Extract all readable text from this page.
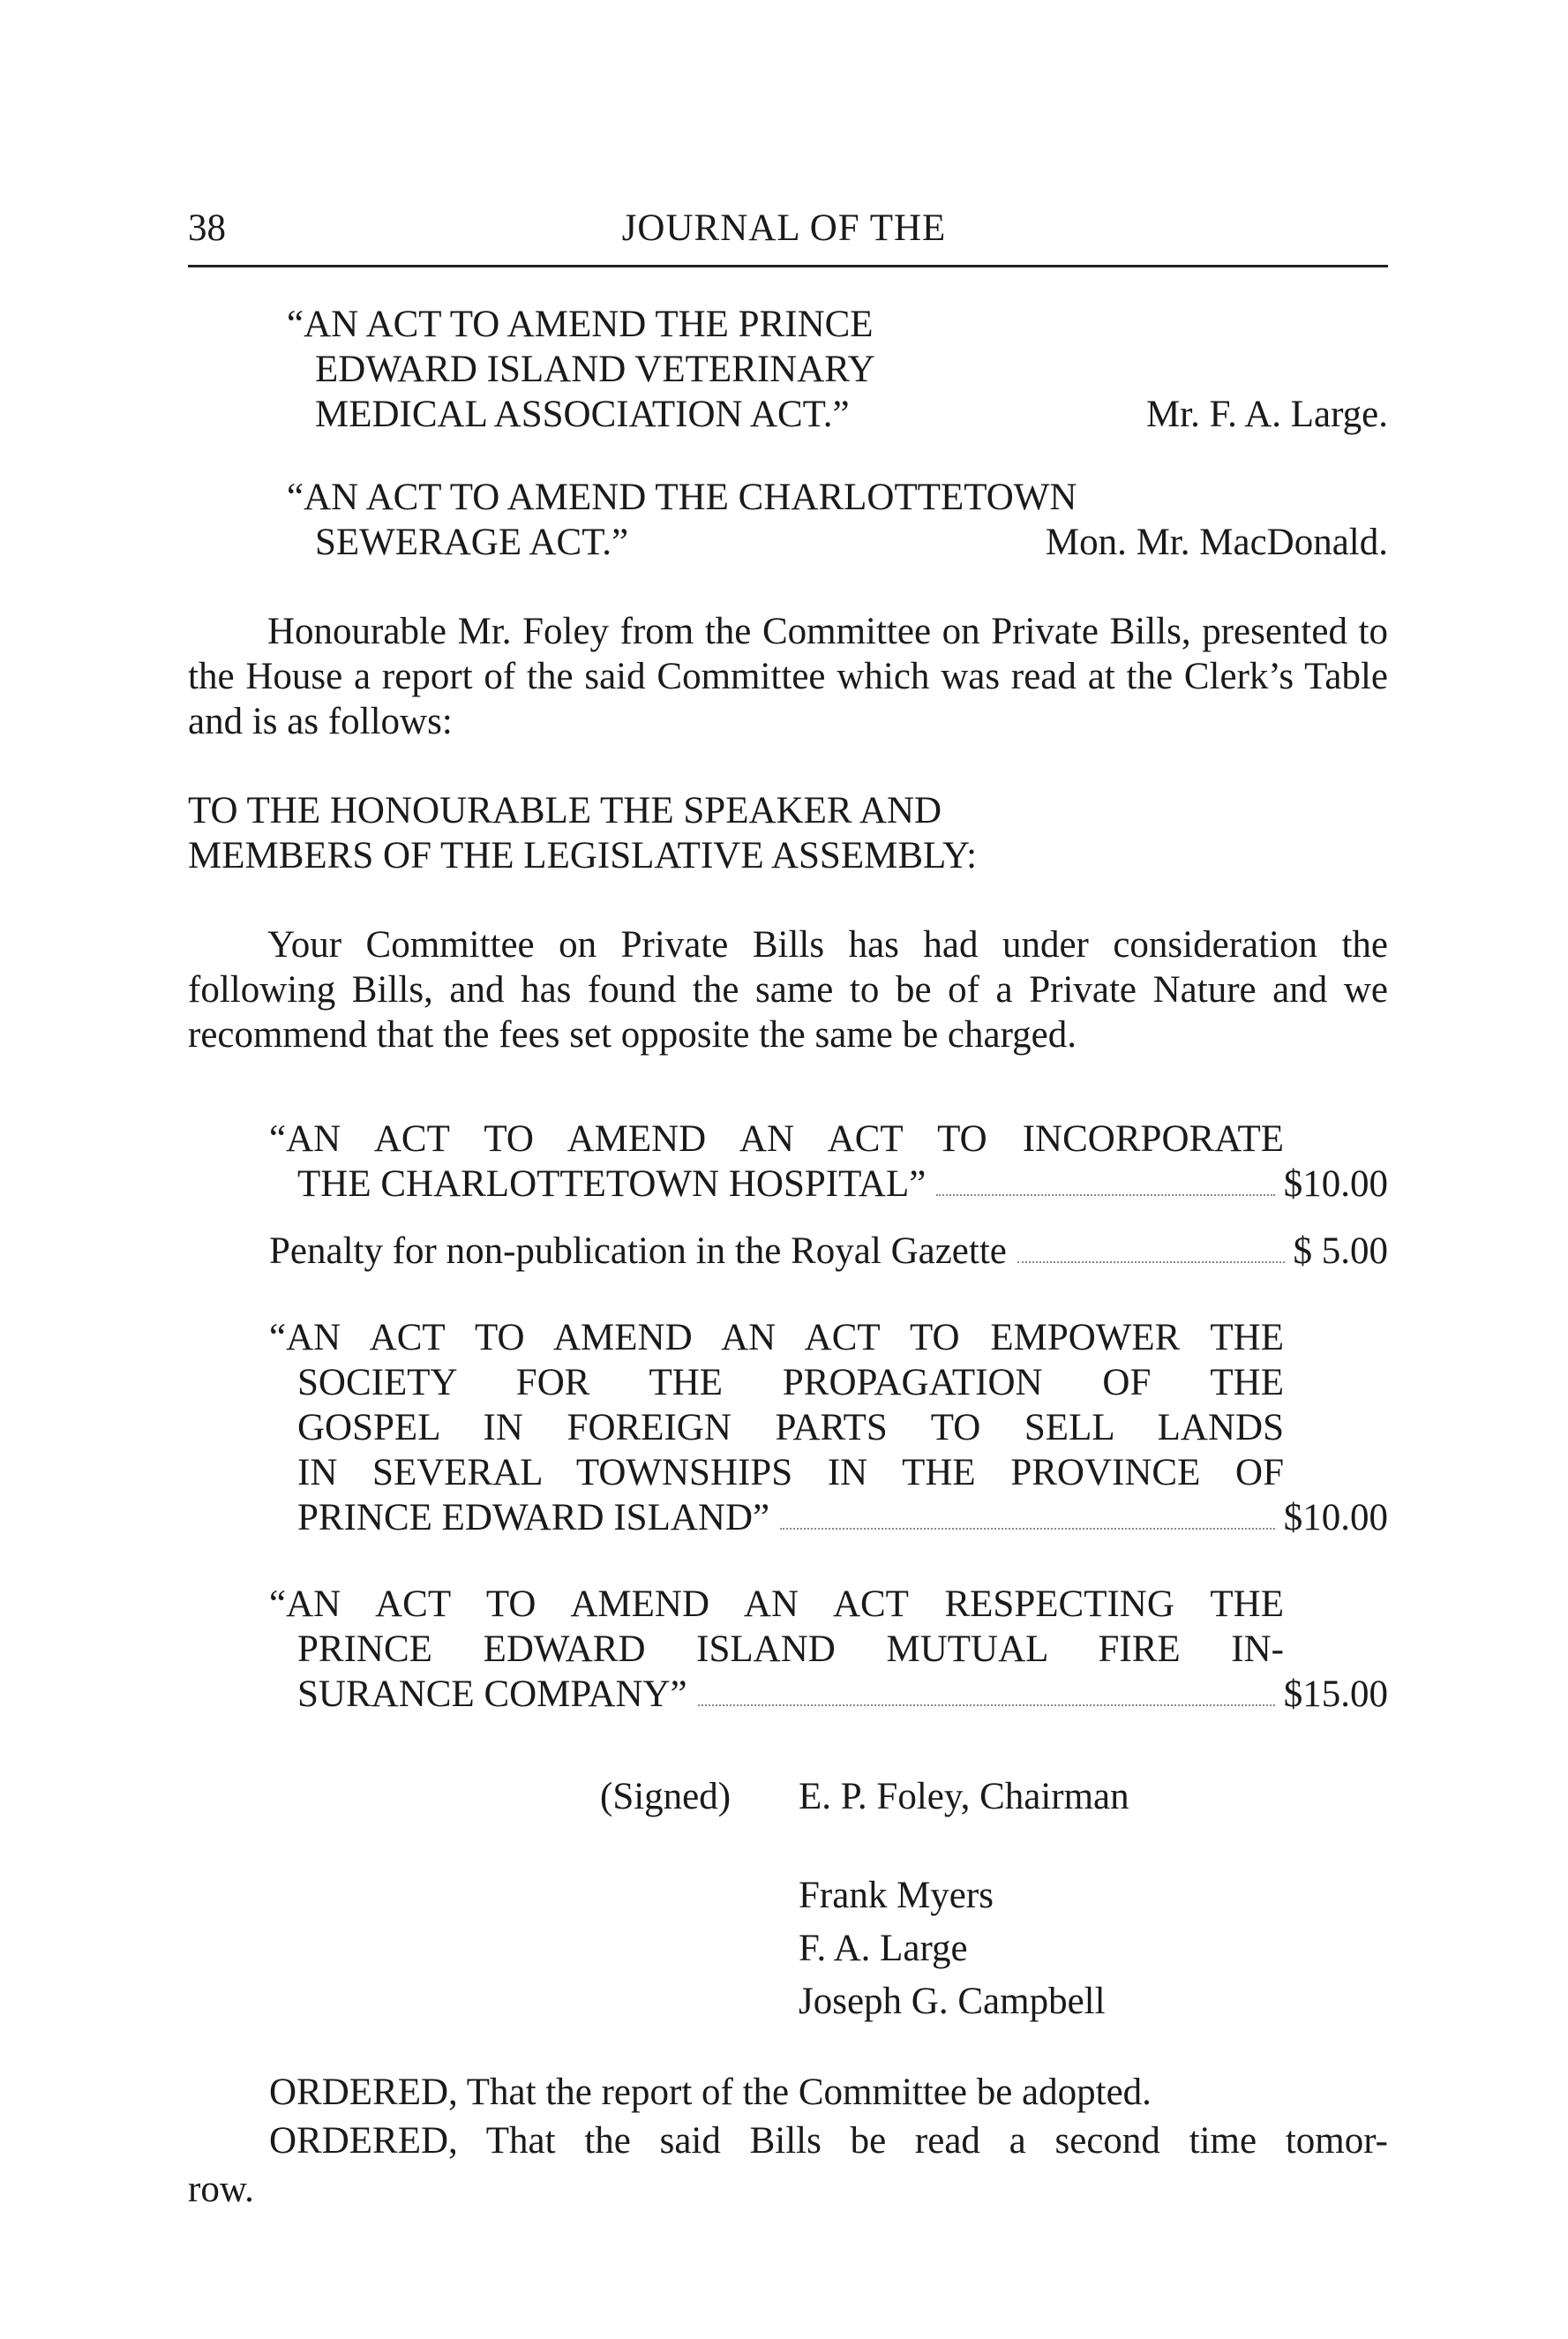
38	JOURNAL OF THE
“AN ACT TO AMEND THE PRINCE
EDWARD ISLAND VETERINARY
MEDICAL ASSOCIATION ACT.”	Mr. F. A. Large.
“AN ACT TO AMEND THE CHARLOTTETOWN
SEWERAGE ACT.”	Mon. Mr. MacDonald.
Honourable Mr. Foley from the Committee on Private Bills, presented to the House a report of the said Committee which was read at the Clerk’s Table and is as follows:
TO THE HONOURABLE THE SPEAKER AND
MEMBERS OF THE LEGISLATIVE ASSEMBLY:
Your Committee on Private Bills has had under consideration the following Bills, and has found the same to be of a Private Nature and we recommend that the fees set opposite the same be charged.
“AN ACT TO AMEND AN ACT TO INCORPORATE
THE CHARLOTTETOWN HOSPITAL”	$10.00
Penalty for non-publication in the Royal Gazette	$ 5.00
“AN ACT TO AMEND AN ACT TO EMPOWER THE
SOCIETY FOR THE PROPAGATION OF THE
GOSPEL IN FOREIGN PARTS TO SELL LANDS
IN SEVERAL TOWNSHIPS IN THE PROVINCE OF
PRINCE EDWARD ISLAND”	$10.00
“AN ACT TO AMEND AN ACT RESPECTING THE
PRINCE EDWARD ISLAND MUTUAL FIRE IN-
SURANCE COMPANY”	$15.00
(Signed) E. P. Foley, Chairman
Frank Myers
F. A. Large
Joseph G. Campbell
ORDERED, That the report of the Committee be adopted.
ORDERED, That the said Bills be read a second time tomor-
row.
